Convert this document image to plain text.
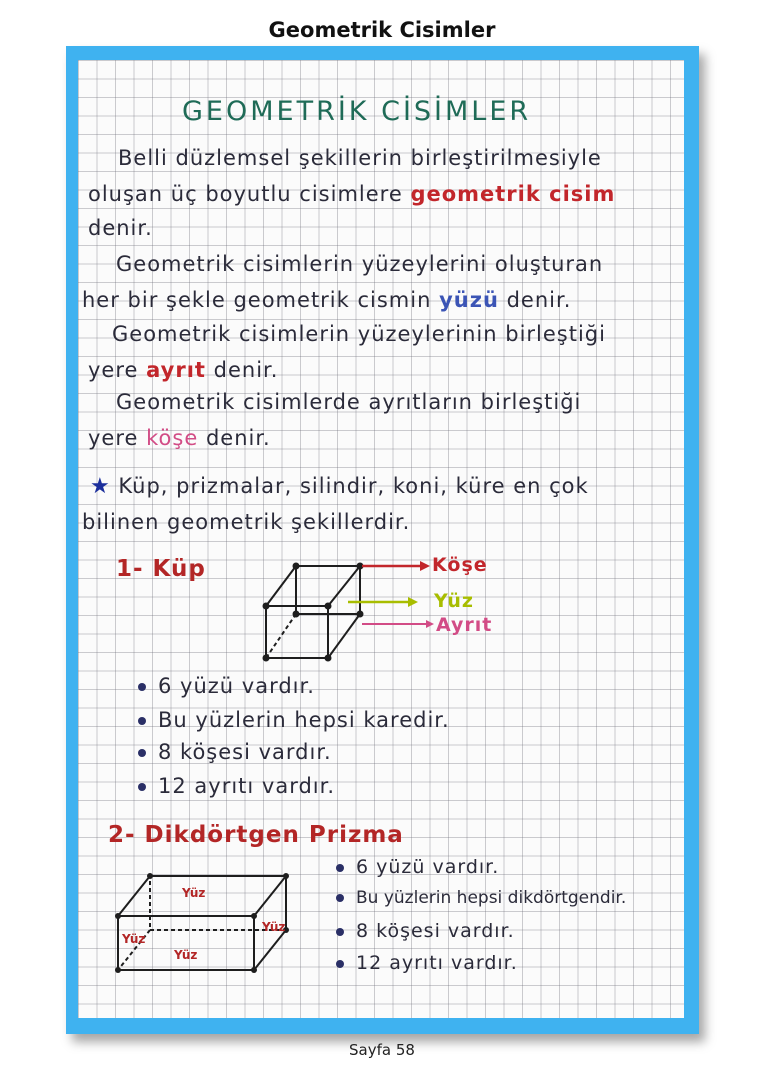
Geometrik Cisimler
GEOMETRİK CİSİMLER
Belli düzlemsel şekillerin birleştirilmesiyle
oluşan üç boyutlu cisimlere geometrik cisim
denir.
Geometrik cisimlerin yüzeylerini oluşturan
her bir şekle geometrik cismin yüzü denir.
Geometrik cisimlerin yüzeylerinin birleştiği
yere ayrıt denir.
Geometrik cisimlerde ayrıtların birleştiği
yere köşe denir.
★ Küp, prizmalar, silindir, koni, küre en çok
bilinen geometrik şekillerdir.
1- Küp	Köşe
Yüz
Ayrıt
6 yüzü vardır.
Bu yüzlerin hepsi karedir.
8 köşesi vardır.
12 ayrıtı vardır.
2- Dikdörtgen Prizma
Yüz
Yüz
Yüz
Yüz
6 yüzü vardır.
Bu yüzlerin hepsi dikdörtgendir.
8 köşesi vardır.
12 ayrıtı vardır.
Sayfa 58
